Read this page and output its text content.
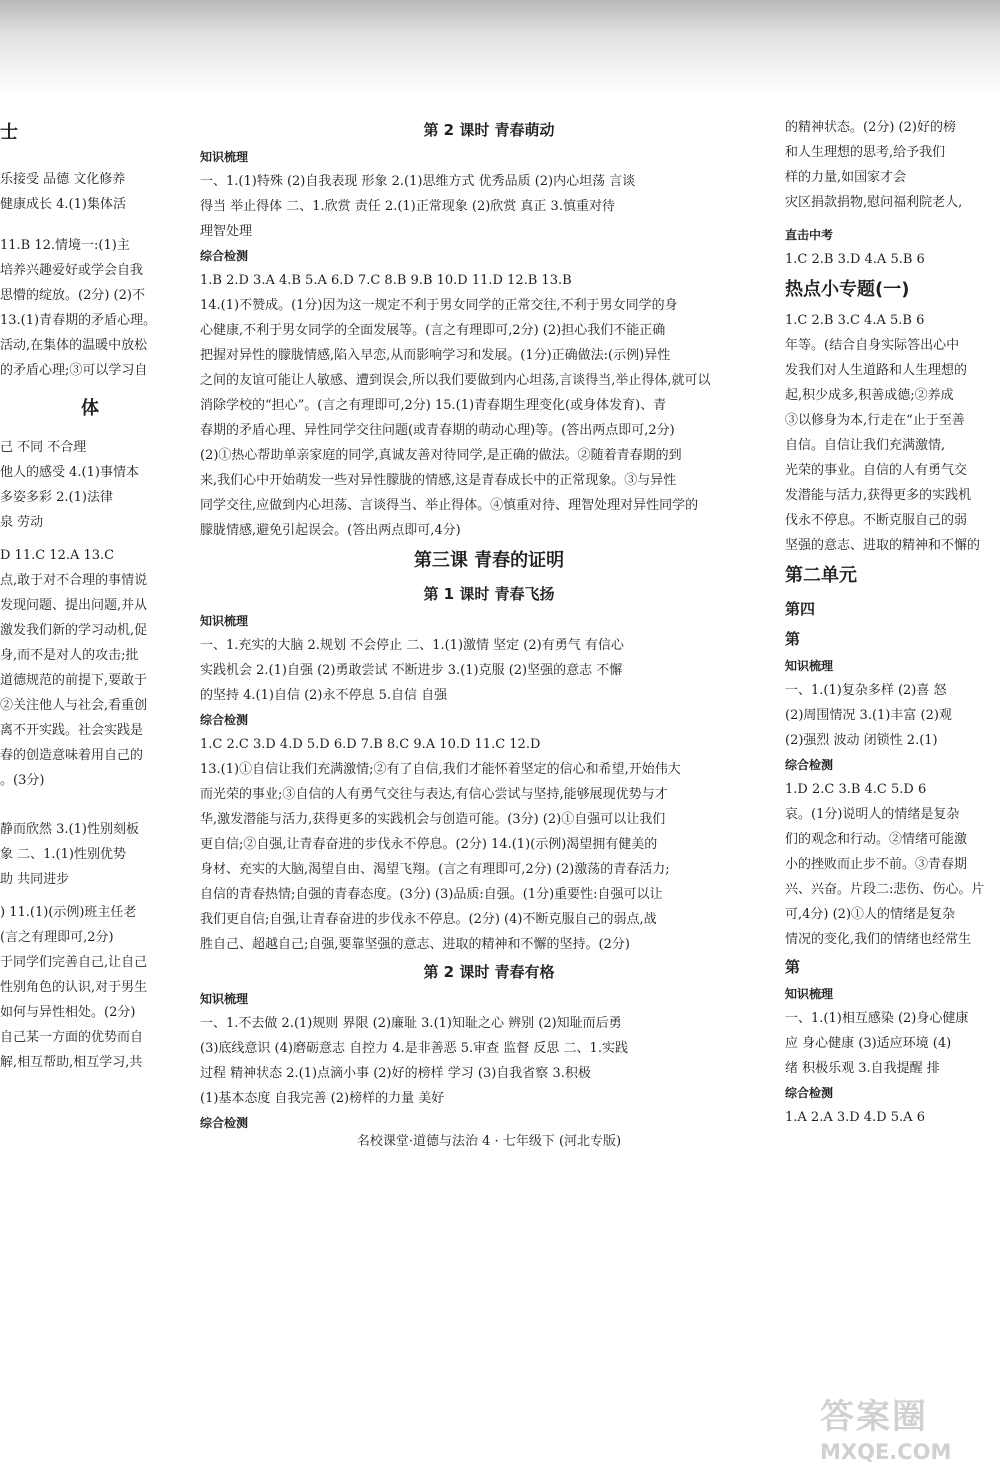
士
乐接受 品德 文化修养
健康成长 4.(1)集体活
11.B 12.情境一:(1)主
培养兴趣爱好或学会自我
思懵的绽放。(2分) (2)不
13.(1)青春期的矛盾心理。
活动,在集体的温暖中放松
的矛盾心理;③可以学习自
体
己 不同 不合理
他人的感受 4.(1)事情本
多姿多彩 2.(1)法律
泉 劳动
D 11.C 12.A 13.C
点,敢于对不合理的事情说
发现问题、提出问题,并从
激发我们新的学习动机,促
身,而不是对人的攻击;批
道德规范的前提下,要敢于
②关注他人与社会,看重创
离不开实践。社会实践是
春的创造意味着用自己的
。(3分)
静而欣然 3.(1)性别刻板
象 二、1.(1)性别优势
助 共同进步
) 11.(1)(示例)班主任老
(言之有理即可,2分)
于同学们完善自己,让自己
性别角色的认识,对于男生
如何与异性相处。(2分)
自己某一方面的优势而自
解,相互帮助,相互学习,共
第 2 课时 青春萌动
知识梳理
一、1.(1)特殊 (2)自我表现 形象 2.(1)思维方式 优秀品质 (2)内心坦荡 言谈
得当 举止得体 二、1.欣赏 责任 2.(1)正常现象 (2)欣赏 真正 3.慎重对待
理智处理
综合检测
1.B 2.D 3.A 4.B 5.A 6.D 7.C 8.B 9.B 10.D 11.D 12.B 13.B
14.(1)不赞成。(1分)因为这一规定不利于男女同学的正常交往,不利于男女同学的身
心健康,不利于男女同学的全面发展等。(言之有理即可,2分) (2)担心我们不能正确
把握对异性的朦胧情感,陷入早恋,从而影响学习和发展。(1分)正确做法:(示例)异性
之间的友谊可能让人敏感、遭到误会,所以我们要做到内心坦荡,言谈得当,举止得体,就可以
消除学校的“担心”。(言之有理即可,2分) 15.(1)青春期生理变化(或身体发育)、青
春期的矛盾心理、异性同学交往问题(或青春期的萌动心理)等。(答出两点即可,2分)
(2)①热心帮助单亲家庭的同学,真诚友善对待同学,是正确的做法。②随着青春期的到
来,我们心中开始萌发一些对异性朦胧的情感,这是青春成长中的正常现象。③与异性
同学交往,应做到内心坦荡、言谈得当、举止得体。④慎重对待、理智处理对异性同学的
朦胧情感,避免引起误会。(答出两点即可,4分)
第三课 青春的证明
第 1 课时 青春飞扬
知识梳理
一、1.充实的大脑 2.规划 不会停止 二、1.(1)激情 坚定 (2)有勇气 有信心
实践机会 2.(1)自强 (2)勇敢尝试 不断进步 3.(1)克服 (2)坚强的意志 不懈
的坚持 4.(1)自信 (2)永不停息 5.自信 自强
综合检测
1.C 2.C 3.D 4.D 5.D 6.D 7.B 8.C 9.A 10.D 11.C 12.D
13.(1)①自信让我们充满激情;②有了自信,我们才能怀着坚定的信心和希望,开始伟大
而光荣的事业;③自信的人有勇气交往与表达,有信心尝试与坚持,能够展现优势与才
华,激发潜能与活力,获得更多的实践机会与创造可能。(3分) (2)①自强可以让我们
更自信;②自强,让青春奋进的步伐永不停息。(2分) 14.(1)(示例)渴望拥有健美的
身材、充实的大脑,渴望自由、渴望飞翔。(言之有理即可,2分) (2)激荡的青春活力;
自信的青春热情;自强的青春态度。(3分) (3)品质:自强。(1分)重要性:自强可以让
我们更自信;自强,让青春奋进的步伐永不停息。(2分) (4)不断克服自己的弱点,战
胜自己、超越自己;自强,要靠坚强的意志、进取的精神和不懈的坚持。(2分)
第 2 课时 青春有格
知识梳理
一、1.不去做 2.(1)规则 界限 (2)廉耻 3.(1)知耻之心 辨别 (2)知耻而后勇
(3)底线意识 (4)磨砺意志 自控力 4.是非善恶 5.审查 监督 反思 二、1.实践
过程 精神状态 2.(1)点滴小事 (2)好的榜样 学习 (3)自我省察 3.积极
(1)基本态度 自我完善 (2)榜样的力量 美好
综合检测
的精神状态。(2分) (2)好的榜
和人生理想的思考,给予我们
样的力量,如国家才会
灾区捐款捐物,慰问福利院老人,
直击中考
1.C 2.B 3.D 4.A 5.B 6
热点小专题(一)
1.C 2.B 3.C 4.A 5.B 6
年等。(结合自身实际答出心中
发我们对人生道路和人生理想的
起,积少成多,积善成德;②养成
③以修身为本,行走在“止于至善
自信。自信让我们充满激情,
光荣的事业。自信的人有勇气交
发潜能与活力,获得更多的实践机
伐永不停息。不断克服自己的弱
坚强的意志、进取的精神和不懈的
第二单元
第四
第
知识梳理
一、1.(1)复杂多样 (2)喜 怒
(2)周围情况 3.(1)丰富 (2)观
(2)强烈 波动 闭锁性 2.(1)
综合检测
1.D 2.C 3.B 4.C 5.D 6
哀。(1分)说明人的情绪是复杂
们的观念和行动。②情绪可能激
小的挫败而止步不前。③青春期
兴、兴奋。片段二:悲伤、伤心。片
可,4分) (2)①人的情绪是复杂
情况的变化,我们的情绪也经常生
第
知识梳理
一、1.(1)相互感染 (2)身心健康
应 身心健康 (3)适应环境 (4)
绪 积极乐观 3.自我提醒 排
综合检测
1.A 2.A 3.D 4.D 5.A 6
名校课堂·道德与法治 4 · 七年级下 (河北专版)
答案圈
MXQE.COM
